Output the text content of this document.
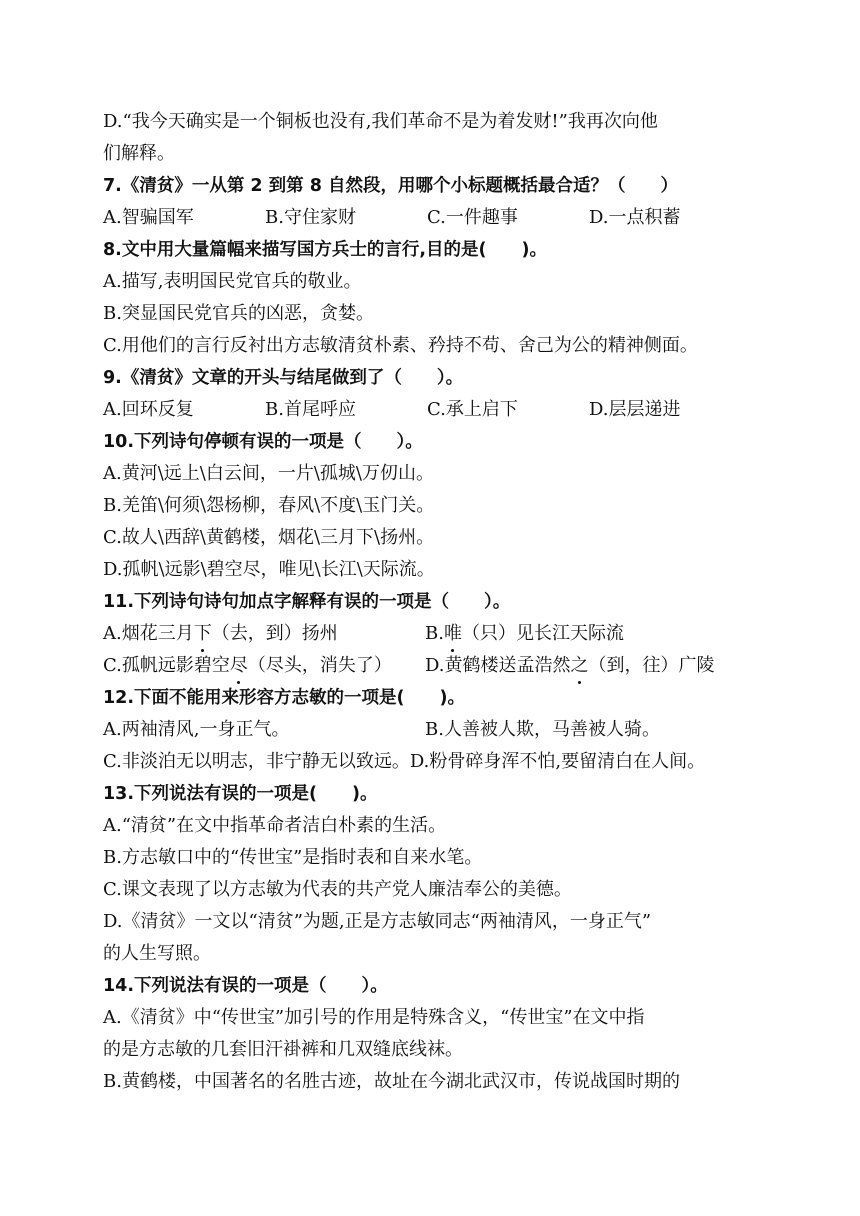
D.“我今天确实是一个铜板也没有,我们革命不是为着发财!”我再次向他
们解释。
7.《清贫》一从第 2 到第 8 自然段，用哪个小标题概括最合适？（　　）
A.智骗国军	B.守住家财	C.一件趣事	D.一点积蓄
8.文中用大量篇幅来描写国方兵士的言行,目的是(　　)。
A.描写,表明国民党官兵的敬业。
B.突显国民党官兵的凶恶，贪婪。
C.用他们的言行反衬出方志敏清贫朴素、矜持不苟、舍己为公的精神侧面。
9.《清贫》文章的开头与结尾做到了（　　）。
A.回环反复	B.首尾呼应	C.承上启下	D.层层递进
10.下列诗句停顿有误的一项是（　　）。
A.黄河\远上\白云间，一片\孤城\万仞山。
B.羌笛\何须\怨杨柳，春风\不度\玉门关。
C.故人\西辞\黄鹤楼，烟花\三月下\扬州。
D.孤帆\远影\碧空尽，唯见\长江\天际流。
11.下列诗句诗句加点字解释有误的一项是（　　）。
A.烟花三月下（去，到）扬州	B.唯（只）见长江天际流
C.孤帆远影碧空尽（尽头，消失了）	D.黄鹤楼送孟浩然之（到，往）广陵
12.下面不能用来形容方志敏的一项是(　　)。
A.两袖清风,一身正气。	B.人善被人欺，马善被人骑。
C.非淡泊无以明志，非宁静无以致远。D.粉骨碎身浑不怕,要留清白在人间。
13.下列说法有误的一项是(　　)。
A.“清贫”在文中指革命者洁白朴素的生活。
B.方志敏口中的“传世宝”是指时表和自来水笔。
C.课文表现了以方志敏为代表的共产党人廉洁奉公的美德。
D.《清贫》一文以“清贫”为题,正是方志敏同志“两袖清风，一身正气”
的人生写照。
14.下列说法有误的一项是（　　）。
A.《清贫》中“传世宝”加引号的作用是特殊含义，“传世宝”在文中指
的是方志敏的几套旧汗褂裤和几双缝底线袜。
B.黄鹤楼，中国著名的名胜古迹，故址在今湖北武汉市，传说战国时期的
